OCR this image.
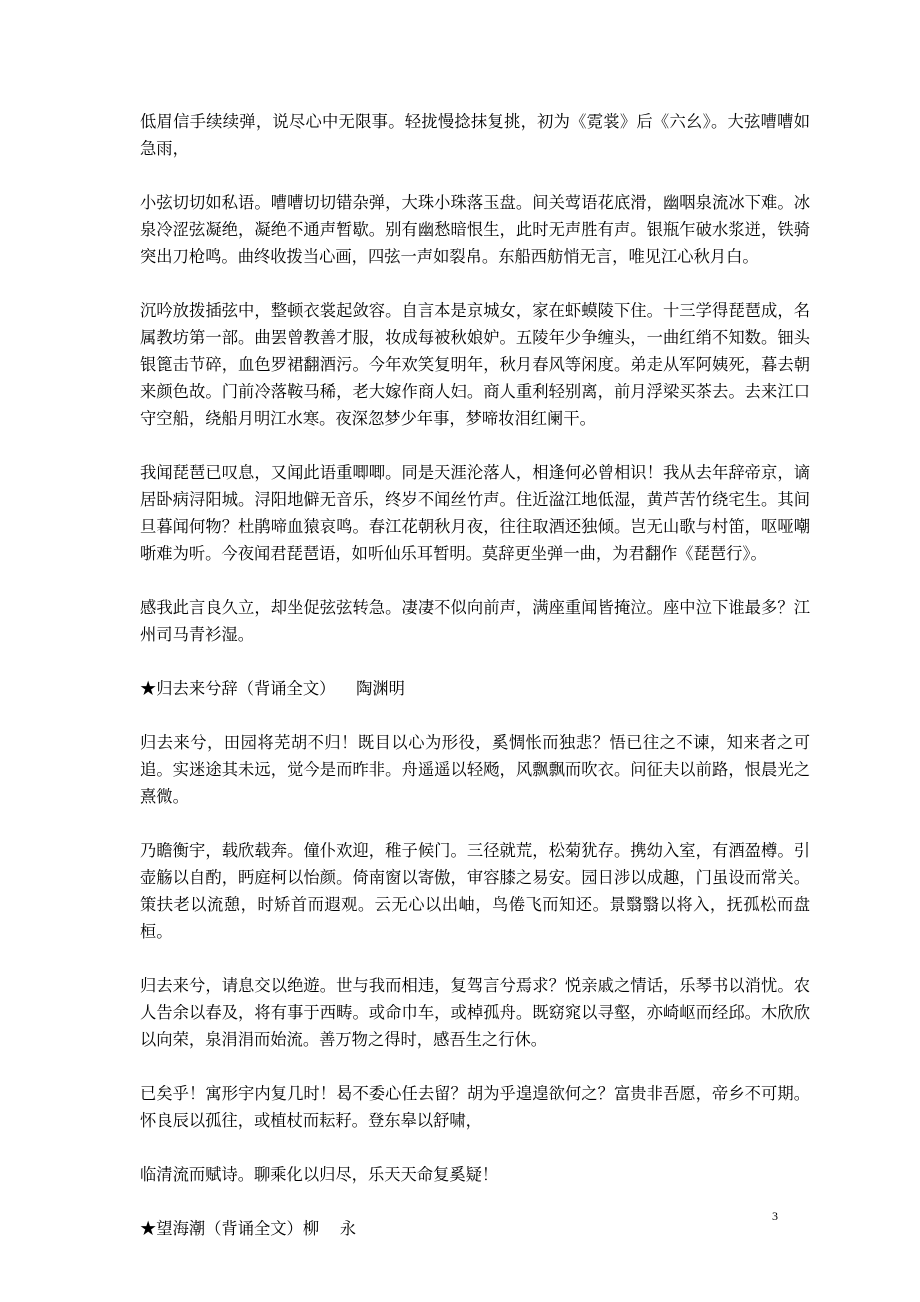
低眉信手续续弹，说尽心中无限事。轻拢慢捻抹复挑，初为《霓裳》后《六幺》。大弦嘈嘈如急雨，

小弦切切如私语。嘈嘈切切错杂弹，大珠小珠落玉盘。间关莺语花底滑，幽咽泉流冰下难。冰泉冷涩弦凝绝，凝绝不通声暂歇。别有幽愁暗恨生，此时无声胜有声。银瓶乍破水浆迸，铁骑突出刀枪鸣。曲终收拨当心画，四弦一声如裂帛。东船西舫悄无言，唯见江心秋月白。

沉吟放拨插弦中，整顿衣裳起敛容。自言本是京城女，家在虾蟆陵下住。十三学得琵琶成，名属教坊第一部。曲罢曾教善才服，妆成每被秋娘妒。五陵年少争缠头，一曲红绡不知数。钿头银篦击节碎，血色罗裙翻酒污。今年欢笑复明年，秋月春风等闲度。弟走从军阿姨死，暮去朝来颜色故。门前冷落鞍马稀，老大嫁作商人妇。商人重利轻别离，前月浮梁买茶去。去来江口守空船，绕船月明江水寒。夜深忽梦少年事，梦啼妆泪红阑干。

我闻琵琶已叹息，又闻此语重唧唧。同是天涯沦落人，相逢何必曾相识！我从去年辞帝京，谪居卧病浔阳城。浔阳地僻无音乐，终岁不闻丝竹声。住近湓江地低湿，黄芦苦竹绕宅生。其间旦暮闻何物？杜鹃啼血猿哀鸣。春江花朝秋月夜，往往取酒还独倾。岂无山歌与村笛，呕哑嘲哳难为听。今夜闻君琵琶语，如听仙乐耳暂明。莫辞更坐弹一曲，为君翻作《琵琶行》。

感我此言良久立，却坐促弦弦转急。凄凄不似向前声，满座重闻皆掩泣。座中泣下谁最多？江州司马青衫湿。

★归去来兮辞（背诵全文）    陶渊明

归去来兮，田园将芜胡不归！既目以心为形役，奚惆怅而独悲？悟已往之不谏，知来者之可追。实迷途其未远，觉今是而昨非。舟遥遥以轻飏，风飘飘而吹衣。问征夫以前路，恨晨光之熹微。

乃瞻衡宇，载欣载奔。僮仆欢迎，稚子候门。三径就荒，松菊犹存。携幼入室，有酒盈樽。引壶觞以自酌，眄庭柯以怡颜。倚南窗以寄傲，审容膝之易安。园日涉以成趣，门虽设而常关。策扶老以流憩，时矫首而遐观。云无心以出岫，鸟倦飞而知还。景翳翳以将入，抚孤松而盘桓。

归去来兮，请息交以绝遊。世与我而相违，复驾言兮焉求？悦亲戚之情话，乐琴书以消忧。农人告余以春及，将有事于西畴。或命巾车，或棹孤舟。既窈窕以寻壑，亦崎岖而经邱。木欣欣以向荣，泉涓涓而始流。善万物之得时，感吾生之行休。

已矣乎！寓形宇内复几时！曷不委心任去留？胡为乎遑遑欲何之？富贵非吾愿，帝乡不可期。怀良辰以孤往，或植杖而耘耔。登东皋以舒啸，

临清流而赋诗。聊乘化以归尽，乐天天命复奚疑！

★望海潮（背诵全文）柳    永

3
